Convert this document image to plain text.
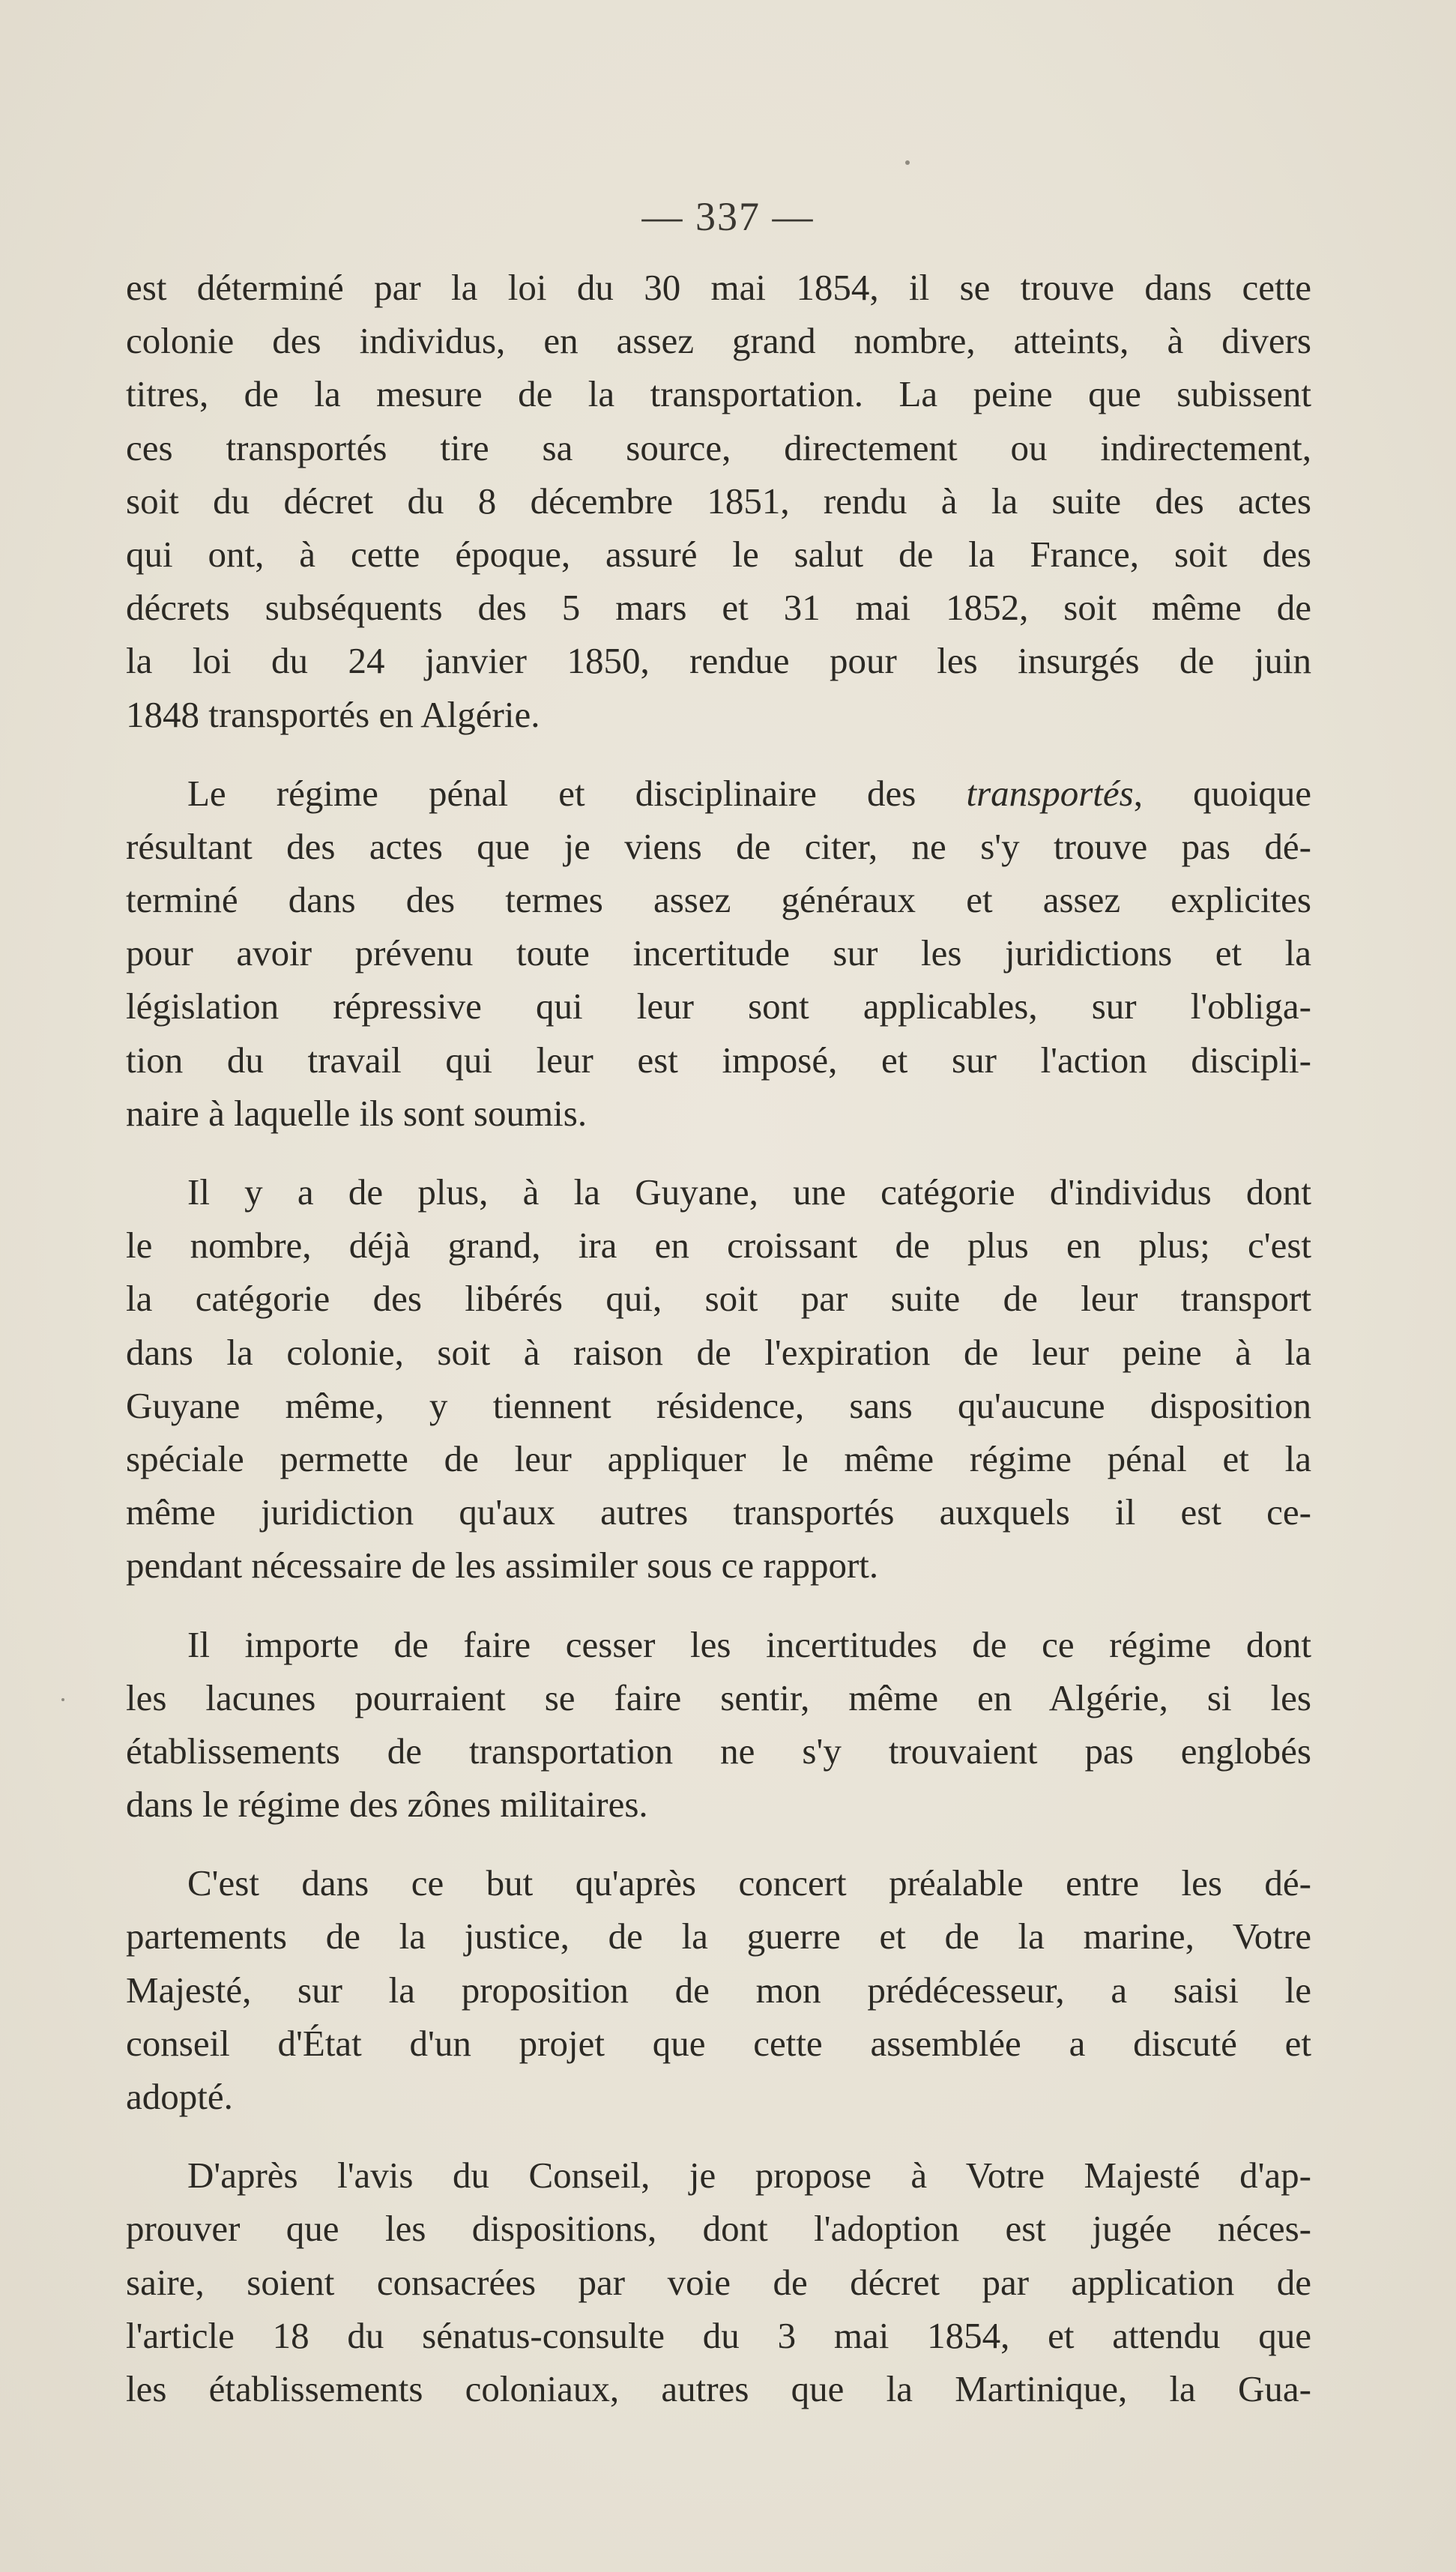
— 337 —

est déterminé par la loi du 30 mai 1854, il se trouve dans cette
colonie des individus, en assez grand nombre, atteints, à divers
titres, de la mesure de la transportation. La peine que subissent
ces transportés tire sa source, directement ou indirectement,
soit du décret du 8 décembre 1851, rendu à la suite des actes
qui ont, à cette époque, assuré le salut de la France, soit des
décrets subséquents des 5 mars et 31 mai 1852, soit même de
la loi du 24 janvier 1850, rendue pour les insurgés de juin
1848 transportés en Algérie.

Le régime pénal et disciplinaire des transportés, quoique
résultant des actes que je viens de citer, ne s'y trouve pas dé-
terminé dans des termes assez généraux et assez explicites
pour avoir prévenu toute incertitude sur les juridictions et la
législation répressive qui leur sont applicables, sur l'obliga-
tion du travail qui leur est imposé, et sur l'action discipli-
naire à laquelle ils sont soumis.

Il y a de plus, à la Guyane, une catégorie d'individus dont
le nombre, déjà grand, ira en croissant de plus en plus; c'est
la catégorie des libérés qui, soit par suite de leur transport
dans la colonie, soit à raison de l'expiration de leur peine à la
Guyane même, y tiennent résidence, sans qu'aucune disposition
spéciale permette de leur appliquer le même régime pénal et la
même juridiction qu'aux autres transportés auxquels il est ce-
pendant nécessaire de les assimiler sous ce rapport.

Il importe de faire cesser les incertitudes de ce régime dont
les lacunes pourraient se faire sentir, même en Algérie, si les
établissements de transportation ne s'y trouvaient pas englobés
dans le régime des zônes militaires.

C'est dans ce but qu'après concert préalable entre les dé-
partements de la justice, de la guerre et de la marine, Votre
Majesté, sur la proposition de mon prédécesseur, a saisi le
conseil d'État d'un projet que cette assemblée a discuté et
adopté.

D'après l'avis du Conseil, je propose à Votre Majesté d'ap-
prouver que les dispositions, dont l'adoption est jugée néces-
saire, soient consacrées par voie de décret par application de
l'article 18 du sénatus-consulte du 3 mai 1854, et attendu que
les établissements coloniaux, autres que la Martinique, la Gua-
